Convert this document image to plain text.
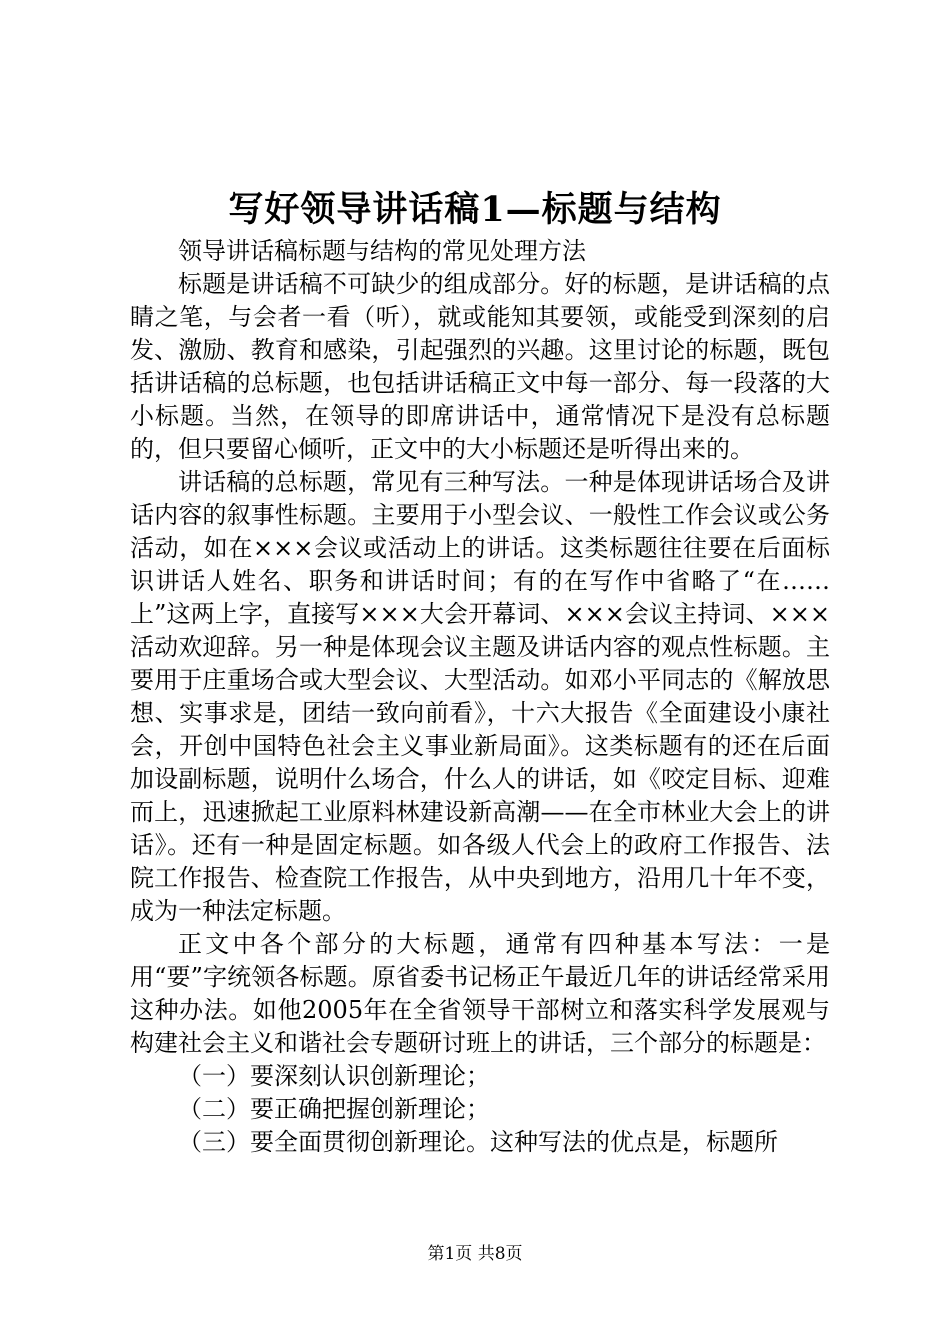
写好领导讲话稿1—标题与结构

领导讲话稿标题与结构的常见处理方法

标题是讲话稿不可缺少的组成部分。好的标题，是讲话稿的点睛之笔，与会者一看（听），就或能知其要领，或能受到深刻的启发、激励、教育和感染，引起强烈的兴趣。这里讨论的标题，既包括讲话稿的总标题，也包括讲话稿正文中每一部分、每一段落的大小标题。当然，在领导的即席讲话中，通常情况下是没有总标题的，但只要留心倾听，正文中的大小标题还是听得出来的。

讲话稿的总标题，常见有三种写法。一种是体现讲话场合及讲话内容的叙事性标题。主要用于小型会议、一般性工作会议或公务活动，如在×××会议或活动上的讲话。这类标题往往要在后面标识讲话人姓名、职务和讲话时间；有的在写作中省略了“在……上”这两上字，直接写×××大会开幕词、×××会议主持词、×××活动欢迎辞。另一种是体现会议主题及讲话内容的观点性标题。主要用于庄重场合或大型会议、大型活动。如邓小平同志的《解放思想、实事求是，团结一致向前看》，十六大报告《全面建设小康社会，开创中国特色社会主义事业新局面》。这类标题有的还在后面加设副标题，说明什么场合，什么人的讲话，如《咬定目标、迎难而上，迅速掀起工业原料林建设新高潮——在全市林业大会上的讲话》。还有一种是固定标题。如各级人代会上的政府工作报告、法院工作报告、检查院工作报告，从中央到地方，沿用几十年不变，成为一种法定标题。

正文中各个部分的大标题，通常有四种基本写法：一是用“要”字统领各标题。原省委书记杨正午最近几年的讲话经常采用这种办法。如他2005年在全省领导干部树立和落实科学发展观与构建社会主义和谐社会专题研讨班上的讲话，三个部分的标题是：

（一）要深刻认识创新理论；

（二）要正确把握创新理论；

（三）要全面贯彻创新理论。这种写法的优点是，标题所

第1页 共8页
